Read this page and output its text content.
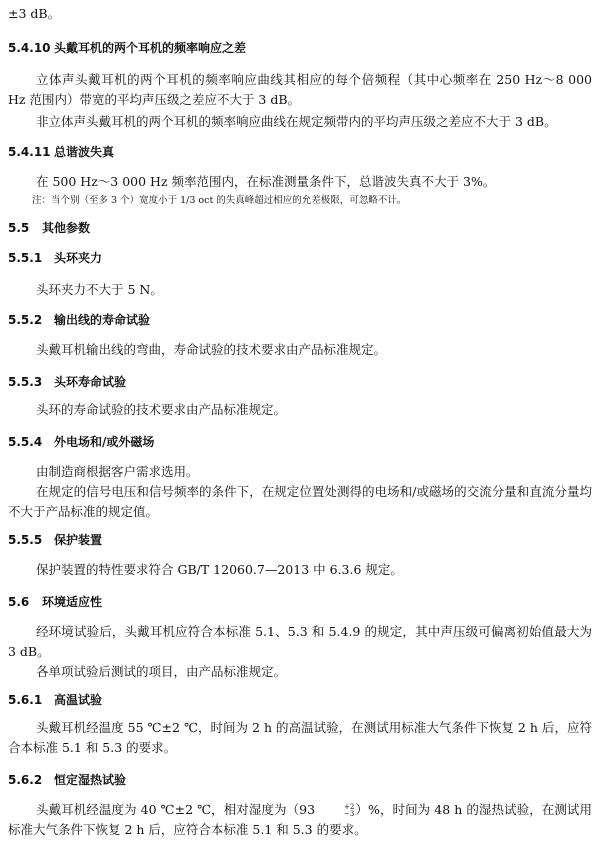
±3 dB。
5.4.10 头戴耳机的两个耳机的频率响应之差
立体声头戴耳机的两个耳机的频率响应曲线其相应的每个倍频程（其中心频率在 250 Hz～8 000 Hz 范围内）带宽的平均声压级之差应不大于 3 dB。
非立体声头戴耳机的两个耳机的频率响应曲线在规定频带内的平均声压级之差应不大于 3 dB。
5.4.11 总谐波失真
在 500 Hz～3 000 Hz 频率范围内，在标准测量条件下，总谐波失真不大于 3%。
注：当个别（至多 3 个）宽度小于 1/3 oct 的失真峰超过相应的允差极限，可忽略不计。
5.5 其他参数
5.5.1 头环夹力
头环夹力不大于 5 N。
5.5.2 输出线的寿命试验
头戴耳机输出线的弯曲，寿命试验的技术要求由产品标准规定。
5.5.3 头环寿命试验
头环的寿命试验的技术要求由产品标准规定。
5.5.4 外电场和/或外磁场
由制造商根据客户需求选用。
在规定的信号电压和信号频率的条件下，在规定位置处测得的电场和/或磁场的交流分量和直流分量均不大于产品标准的规定值。
5.5.5 保护装置
保护装置的特性要求符合 GB/T 12060.7—2013 中 6.3.6 规定。
5.6 环境适应性
经环境试验后，头戴耳机应符合本标准 5.1、5.3 和 5.4.9 的规定，其中声压级可偏离初始值最大为 3 dB。
各单项试验后测试的项目，由产品标准规定。
5.6.1 高温试验
头戴耳机经温度 55 ℃±2 ℃，时间为 2 h 的高温试验，在测试用标准大气条件下恢复 2 h 后，应符合本标准 5.1 和 5.3 的要求。
5.6.2 恒定湿热试验
头戴耳机经温度为 40 ℃±2 ℃，相对湿度为（93	+2
−3 ）%，时间为 48 h 的湿热试验，在测试用标准大气条件下恢复 2 h 后，应符合本标准 5.1 和 5.3 的要求。
